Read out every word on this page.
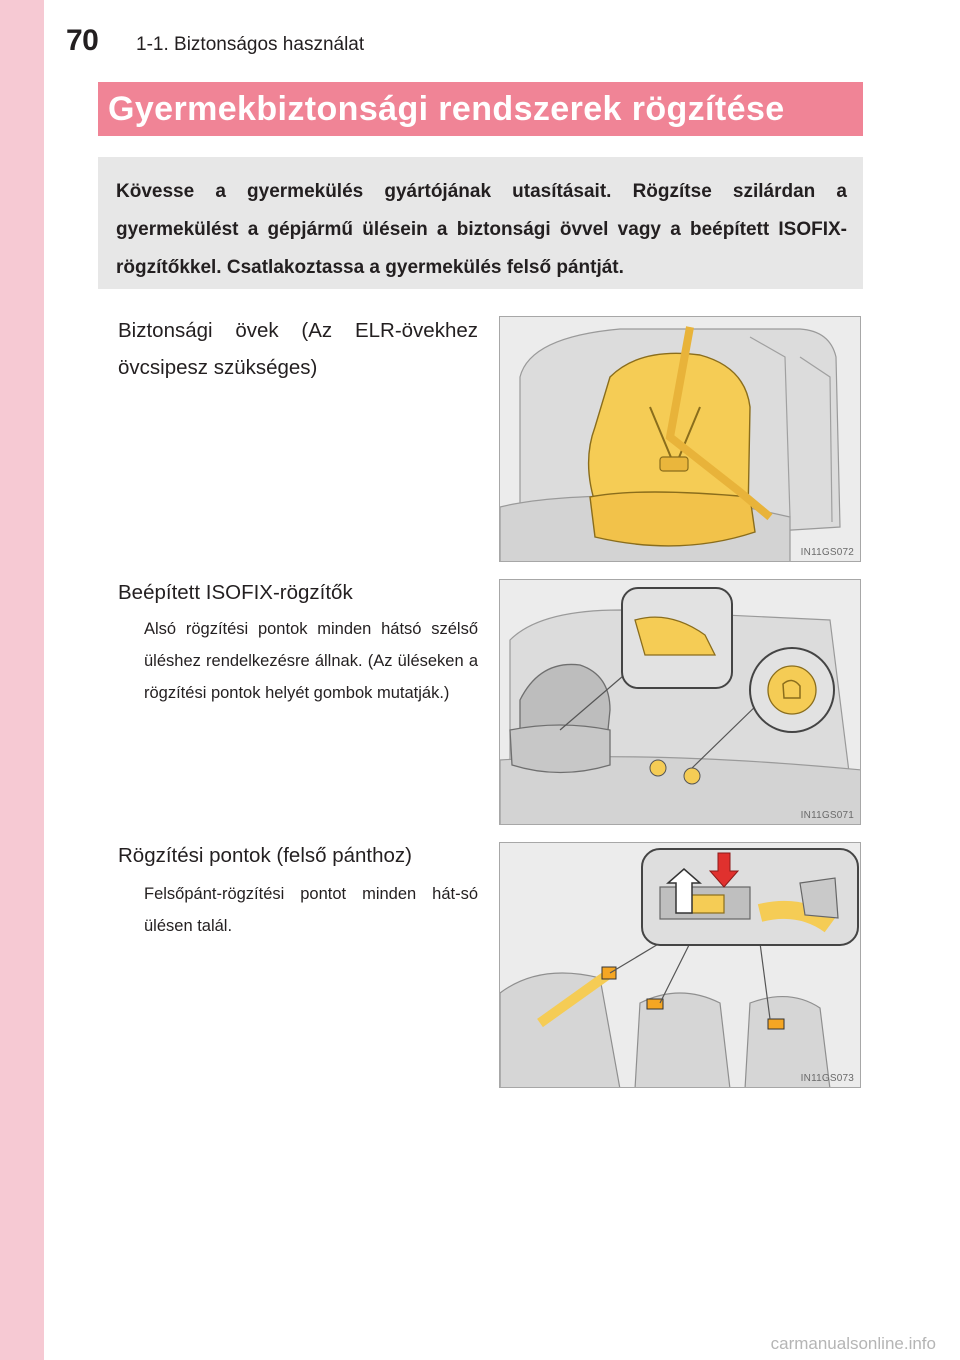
70 1-1. Biztonságos használat
Gyermekbiztonsági rendszerek rögzítése
Kövesse a gyermekülés gyártójának utasításait. Rögzítse szilárdan a gyermekülést a gépjármű ülésein a biztonsági övvel vagy a beépített ISOFIX-rögzítőkkel. Csatlakoztassa a gyermekülés felső pántját.
Biztonsági övek (Az ELR-övekhez övcsipesz szükséges)
IN11GS072
Beépített ISOFIX-rögzítők
Alsó rögzítési pontok minden hátsó szélső üléshez rendelkezésre állnak. (Az üléseken a rögzítési pontok helyét gombok mutatják.)
IN11GS071
Rögzítési pontok (felső pánthoz)
Felsőpánt-rögzítési pontot minden hát-só ülésen talál.
IN11GS073
carmanualsonline.info
